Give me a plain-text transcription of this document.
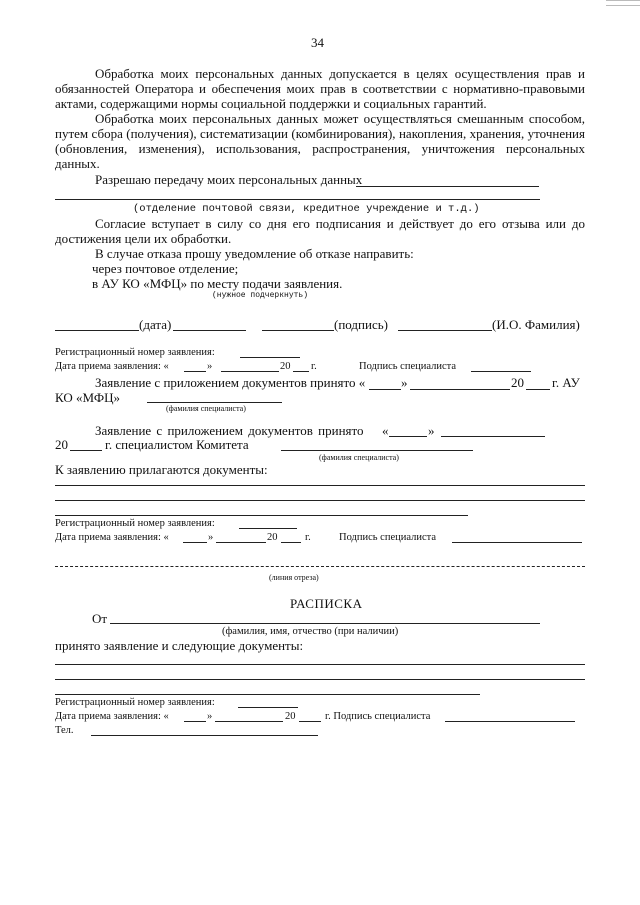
34
Обработка моих персональных данных допускается в целях осуществления прав и
обязанностей Оператора и обеспечения моих прав в соответствии с нормативно-правовыми
актами, содержащими нормы социальной поддержки и социальных гарантий.
Обработка моих персональных данных может осуществляться смешанным способом,
путем сбора (получения), систематизации (комбинирования), накопления, хранения, уточнения
(обновления, изменения), использования, распространения, уничтожения персональных
данных.
Разрешаю передачу моих персональных данных
(отделение почтовой связи, кредитное учреждение и т.д.)
Согласие вступает в силу со дня его подписания и действует до его отзыва или до
достижения цели их обработки.
В случае отказа прошу уведомление об отказе направить:
через почтовое отделение;
в АУ КО «МФЦ» по месту подачи заявления.
(нужное подчеркнуть)
(дата)	(подпись)	(И.О. Фамилия)
Регистрационный номер заявления:
Дата приема заявления: «	»	20 г.	Подпись специалиста
Заявление с приложением документов принято «	»	20 г. АУ
КО «МФЦ»
(фамилия специалиста)
Заявление с приложением документов принято «	»
20	г. специалистом Комитета
(фамилия специалиста)
К заявлению прилагаются документы:
Регистрационный номер заявления:
Дата приема заявления: «	»	20	г.	Подпись специалиста
(линия отреза)
РАСПИСКА
От
(фамилия, имя, отчество (при наличии)
принято заявление и следующие документы:
Регистрационный номер заявления:
Дата приема заявления: «	»	20	г. Подпись специалиста
Тел.
